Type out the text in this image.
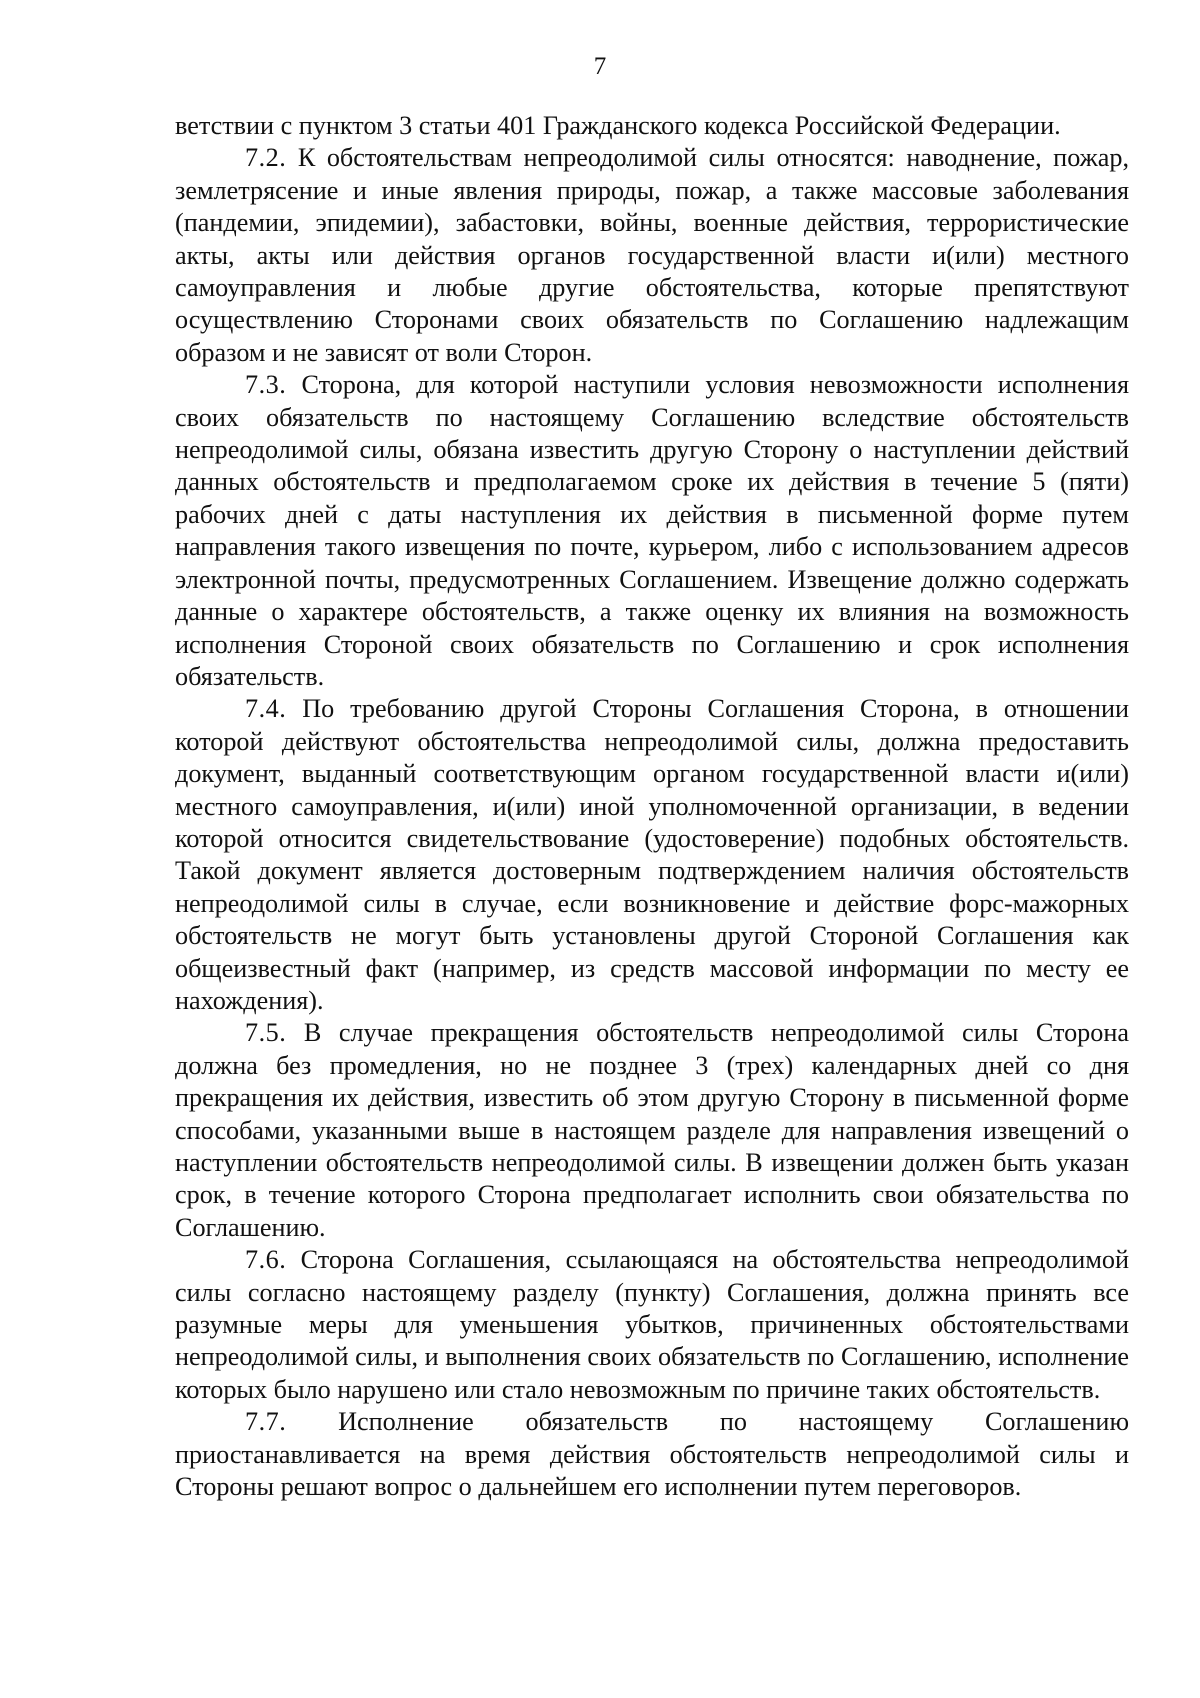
7

ветствии с пунктом 3 статьи 401 Гражданского кодекса Российской Федерации.

7.2. К обстоятельствам непреодолимой силы относятся: наводнение, пожар, землетрясение и иные явления природы, пожар, а также массовые заболевания (пандемии, эпидемии), забастовки, войны, военные действия, террористические акты, акты или действия органов государственной власти и(или) местного самоуправления и любые другие обстоятельства, которые препятствуют осуществлению Сторонами своих обязательств по Соглашению надлежащим образом и не зависят от воли Сторон.

7.3. Сторона, для которой наступили условия невозможности исполнения своих обязательств по настоящему Соглашению вследствие обстоятельств непреодолимой силы, обязана известить другую Сторону о наступлении действий данных обстоятельств и предполагаемом сроке их действия в течение 5 (пяти) рабочих дней с даты наступления их действия в письменной форме путем направления такого извещения по почте, курьером, либо с использованием адресов электронной почты, предусмотренных Соглашением. Извещение должно содержать данные о характере обстоятельств, а также оценку их влияния на возможность исполнения Стороной своих обязательств по Соглашению и срок исполнения обязательств.

7.4. По требованию другой Стороны Соглашения Сторона, в отношении которой действуют обстоятельства непреодолимой силы, должна предоставить документ, выданный соответствующим органом государственной власти и(или) местного самоуправления, и(или) иной уполномоченной организации, в ведении которой относится свидетельствование (удостоверение) подобных обстоятельств. Такой документ является достоверным подтверждением наличия обстоятельств непреодолимой силы в случае, если возникновение и действие форс-мажорных обстоятельств не могут быть установлены другой Стороной Соглашения как общеизвестный факт (например, из средств массовой информации по месту ее нахождения).

7.5. В случае прекращения обстоятельств непреодолимой силы Сторона должна без промедления, но не позднее 3 (трех) календарных дней со дня прекращения их действия, известить об этом другую Сторону в письменной форме способами, указанными выше в настоящем разделе для направления извещений о наступлении обстоятельств непреодолимой силы. В извещении должен быть указан срок, в течение которого Сторона предполагает исполнить свои обязательства по Соглашению.

7.6. Сторона Соглашения, ссылающаяся на обстоятельства непреодолимой силы согласно настоящему разделу (пункту) Соглашения, должна принять все разумные меры для уменьшения убытков, причиненных обстоятельствами непреодолимой силы, и выполнения своих обязательств по Соглашению, исполнение которых было нарушено или стало невозможным по причине таких обстоятельств.

7.7. Исполнение обязательств по настоящему Соглашению приостанавливается на время действия обстоятельств непреодолимой силы и Стороны решают вопрос о дальнейшем его исполнении путем переговоров.
